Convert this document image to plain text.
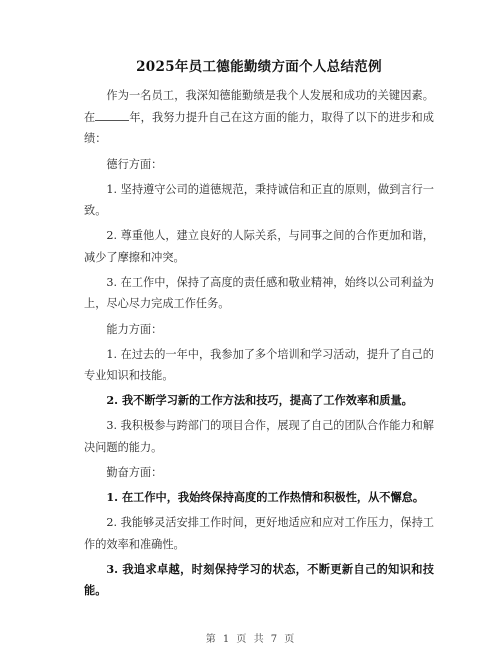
2025年员工德能勤绩方面个人总结范例

作为一名员工，我深知德能勤绩是我个人发展和成功的关键因素。在	年，我努力提升自己在这方面的能力，取得了以下的进步和成绩：

德行方面：

1. 坚持遵守公司的道德规范，秉持诚信和正直的原则，做到言行一致。

2. 尊重他人，建立良好的人际关系，与同事之间的合作更加和谐，减少了摩擦和冲突。

3. 在工作中，保持了高度的责任感和敬业精神，始终以公司利益为上，尽心尽力完成工作任务。

能力方面：

1. 在过去的一年中，我参加了多个培训和学习活动，提升了自己的专业知识和技能。

2. 我不断学习新的工作方法和技巧，提高了工作效率和质量。

3. 我积极参与跨部门的项目合作，展现了自己的团队合作能力和解决问题的能力。

勤奋方面：

1. 在工作中，我始终保持高度的工作热情和积极性，从不懈怠。

2. 我能够灵活安排工作时间，更好地适应和应对工作压力，保持工作的效率和准确性。

3. 我追求卓越，时刻保持学习的状态，不断更新自己的知识和技能。

第 1 页 共 7 页
